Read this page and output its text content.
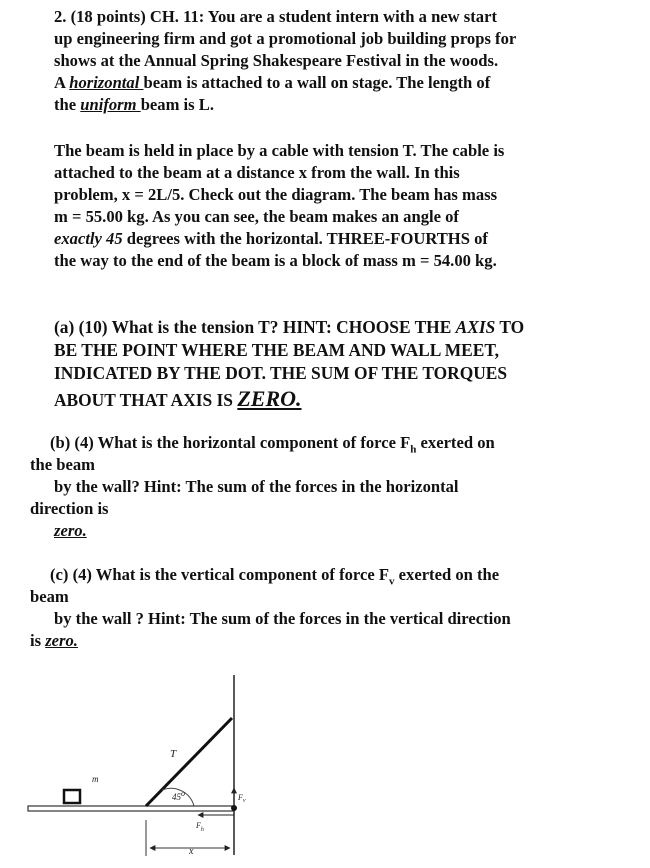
2. (18 points) CH. 11: You are a student intern with a new start
up engineering firm and got a promotional job building props for
shows at the Annual Spring Shakespeare Festival in the woods.
A horizontal beam is attached to a wall on stage. The length of
the uniform beam is L.
The beam is held in place by a cable with tension T. The cable is
attached to the beam at a distance x from the wall. In this
problem, x = 2L/5. Check out the diagram. The beam has mass
m = 55.00 kg. As you can see, the beam makes an angle of
exactly 45 degrees with the horizontal. THREE-FOURTHS of
the way to the end of the beam is a block of mass m = 54.00 kg.
(a) (10) What is the tension T? HINT: CHOOSE THE AXIS TO
BE THE POINT WHERE THE BEAM AND WALL MEET,
INDICATED BY THE DOT. THE SUM OF THE TORQUES
ABOUT THAT AXIS IS ZERO.
(b) (4) What is the horizontal component of force $F_h$ exerted on
the beam
by the wall? Hint: The sum of the forces in the horizontal
direction is
zero.
(c) (4) What is the vertical component of force $F_v$ exerted on the
beam
by the wall ? Hint: The sum of the forces in the vertical direction
is zero.
T
m
45o	$F_v$
$F_h$
x
